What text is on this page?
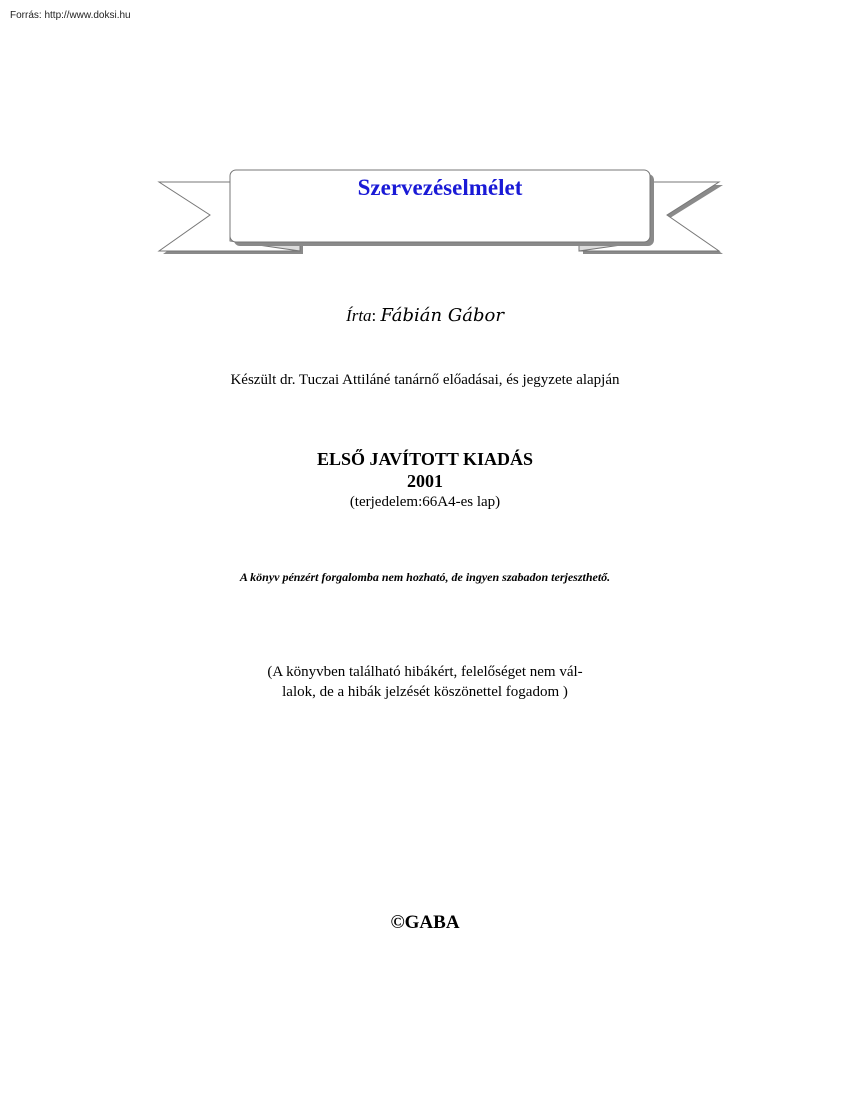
Forrás: http://www.doksi.hu
Szervezéselmélet
Írta: Fábián Gábor
Készült dr. Tuczai Attiláné tanárnő előadásai, és jegyzete alapján
ELSŐ JAVÍTOTT KIADÁS
2001
(terjedelem:66A4-es lap)
A könyv pénzért forgalomba nem hozható, de ingyen szabadon terjeszthető.
(A könyvben található hibákért, felelőséget nem vál-
lalok, de a hibák jelzését köszönettel fogadom )
©GABA
